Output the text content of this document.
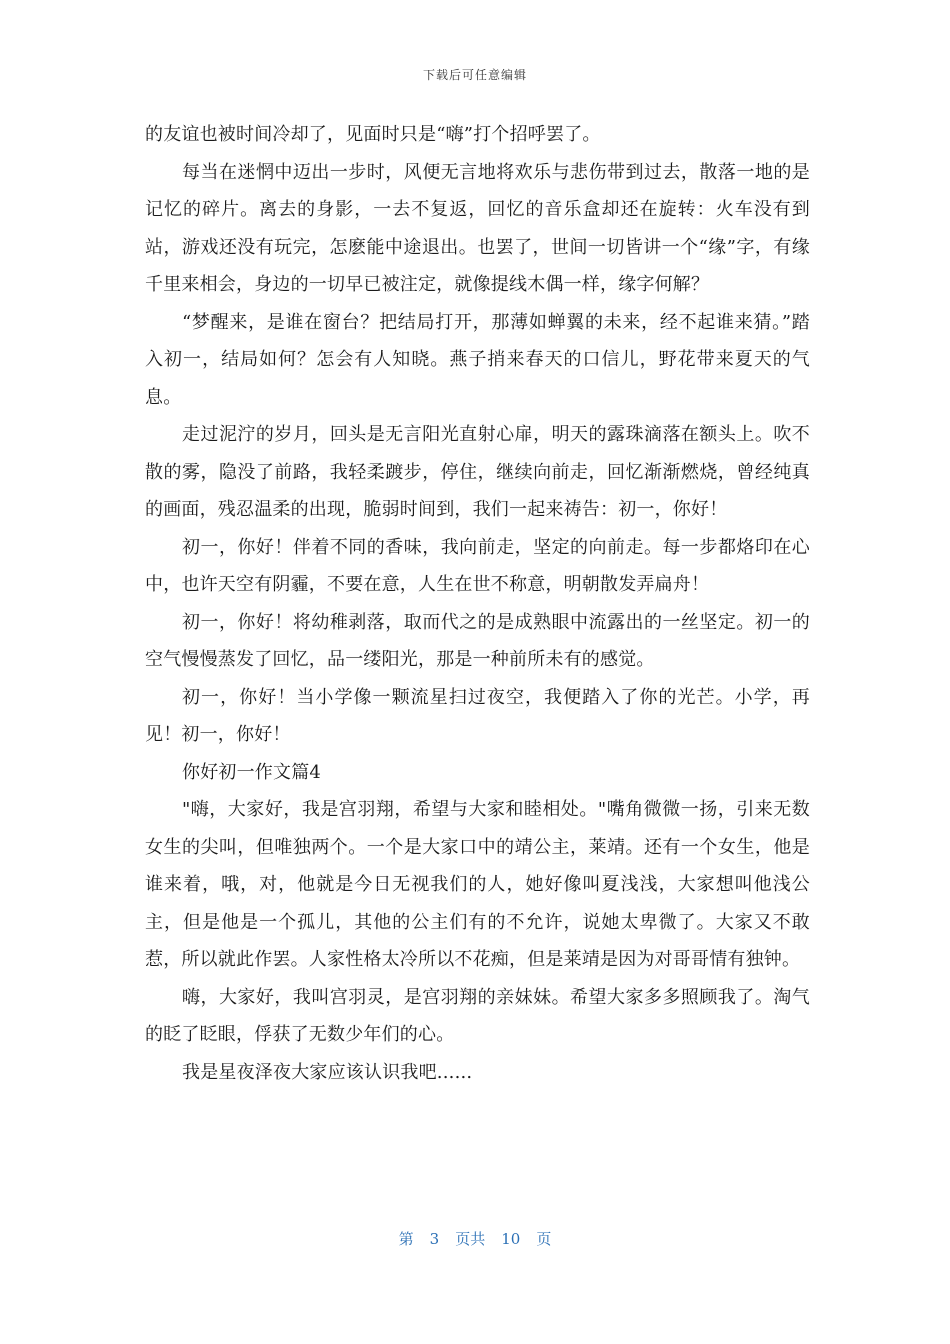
下载后可任意编辑

的友谊也被时间冷却了，见面时只是“嗨”打个招呼罢了。

每当在迷惘中迈出一步时，风便无言地将欢乐与悲伤带到过去，散落一地的是记忆的碎片。离去的身影，一去不复返，回忆的音乐盒却还在旋转：火车没有到站，游戏还没有玩完，怎麽能中途退出。也罢了，世间一切皆讲一个“缘”字，有缘千里来相会，身边的一切早已被注定，就像提线木偶一样，缘字何解？

“梦醒来，是谁在窗台？把结局打开，那薄如蝉翼的未来，经不起谁来猜。”踏入初一，结局如何？怎会有人知晓。燕子捎来春天的口信儿，野花带来夏天的气息。

走过泥泞的岁月，回头是无言阳光直射心扉，明天的露珠滴落在额头上。吹不散的雾，隐没了前路，我轻柔踱步，停住，继续向前走，回忆渐渐燃烧，曾经纯真的画面，残忍温柔的出现，脆弱时间到，我们一起来祷告：初一，你好！

初一，你好！伴着不同的香味，我向前走，坚定的向前走。每一步都烙印在心中，也许天空有阴霾，不要在意，人生在世不称意，明朝散发弄扁舟！

初一，你好！将幼稚剥落，取而代之的是成熟眼中流露出的一丝坚定。初一的空气慢慢蒸发了回忆，品一缕阳光，那是一种前所未有的感觉。

初一，你好！当小学像一颗流星扫过夜空，我便踏入了你的光芒。小学，再见！初一，你好！

你好初一作文篇4

"嗨，大家好，我是宫羽翔，希望与大家和睦相处。"嘴角微微一扬，引来无数女生的尖叫，但唯独两个。一个是大家口中的靖公主，莱靖。还有一个女生，他是谁来着，哦，对，他就是今日无视我们的人，她好像叫夏浅浅，大家想叫他浅公主，但是他是一个孤儿，其他的公主们有的不允许，说她太卑微了。大家又不敢惹，所以就此作罢。人家性格太冷所以不花痴，但是莱靖是因为对哥哥情有独钟。

嗨，大家好，我叫宫羽灵，是宫羽翔的亲妹妹。希望大家多多照顾我了。淘气的眨了眨眼，俘获了无数少年们的心。

我是星夜泽夜大家应该认识我吧......

第 3 页共 10 页
